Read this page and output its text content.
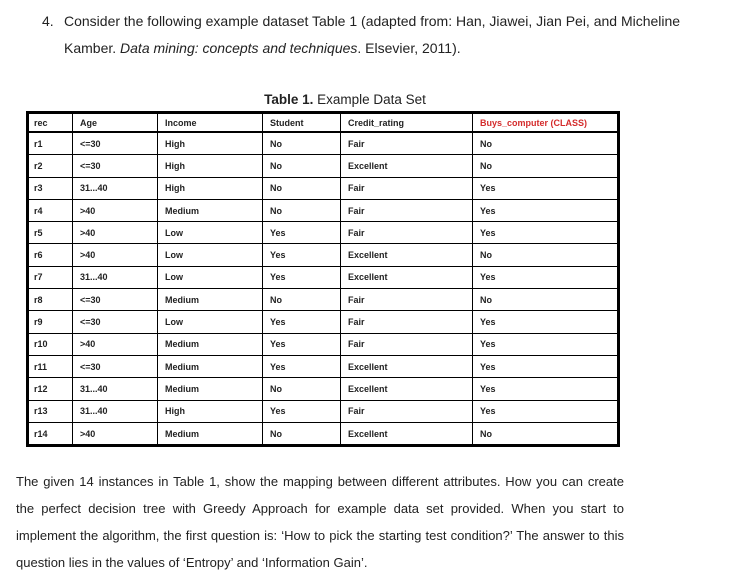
4. Consider the following example dataset Table 1 (adapted from: Han, Jiawei, Jian Pei, and Micheline Kamber. Data mining: concepts and techniques. Elsevier, 2011).
Table 1. Example Data Set
rec	Age	Income	Student	Credit_rating	Buys_computer (CLASS)
r1	<=30	High	No	Fair	No
r2	<=30	High	No	Excellent	No
r3	31...40	High	No	Fair	Yes
r4	>40	Medium	No	Fair	Yes
r5	>40	Low	Yes	Fair	Yes
r6	>40	Low	Yes	Excellent	No
r7	31...40	Low	Yes	Excellent	Yes
r8	<=30	Medium	No	Fair	No
r9	<=30	Low	Yes	Fair	Yes
r10	>40	Medium	Yes	Fair	Yes
r11	<=30	Medium	Yes	Excellent	Yes
r12	31...40	Medium	No	Excellent	Yes
r13	31...40	High	Yes	Fair	Yes
r14	>40	Medium	No	Excellent	No
The given 14 instances in Table 1, show the mapping between different attributes. How you can create the perfect decision tree with Greedy Approach for example data set provided. When you start to implement the algorithm, the first question is: ‘How to pick the starting test condition?’ The answer to this question lies in the values of ‘Entropy’ and ‘Information Gain’.
